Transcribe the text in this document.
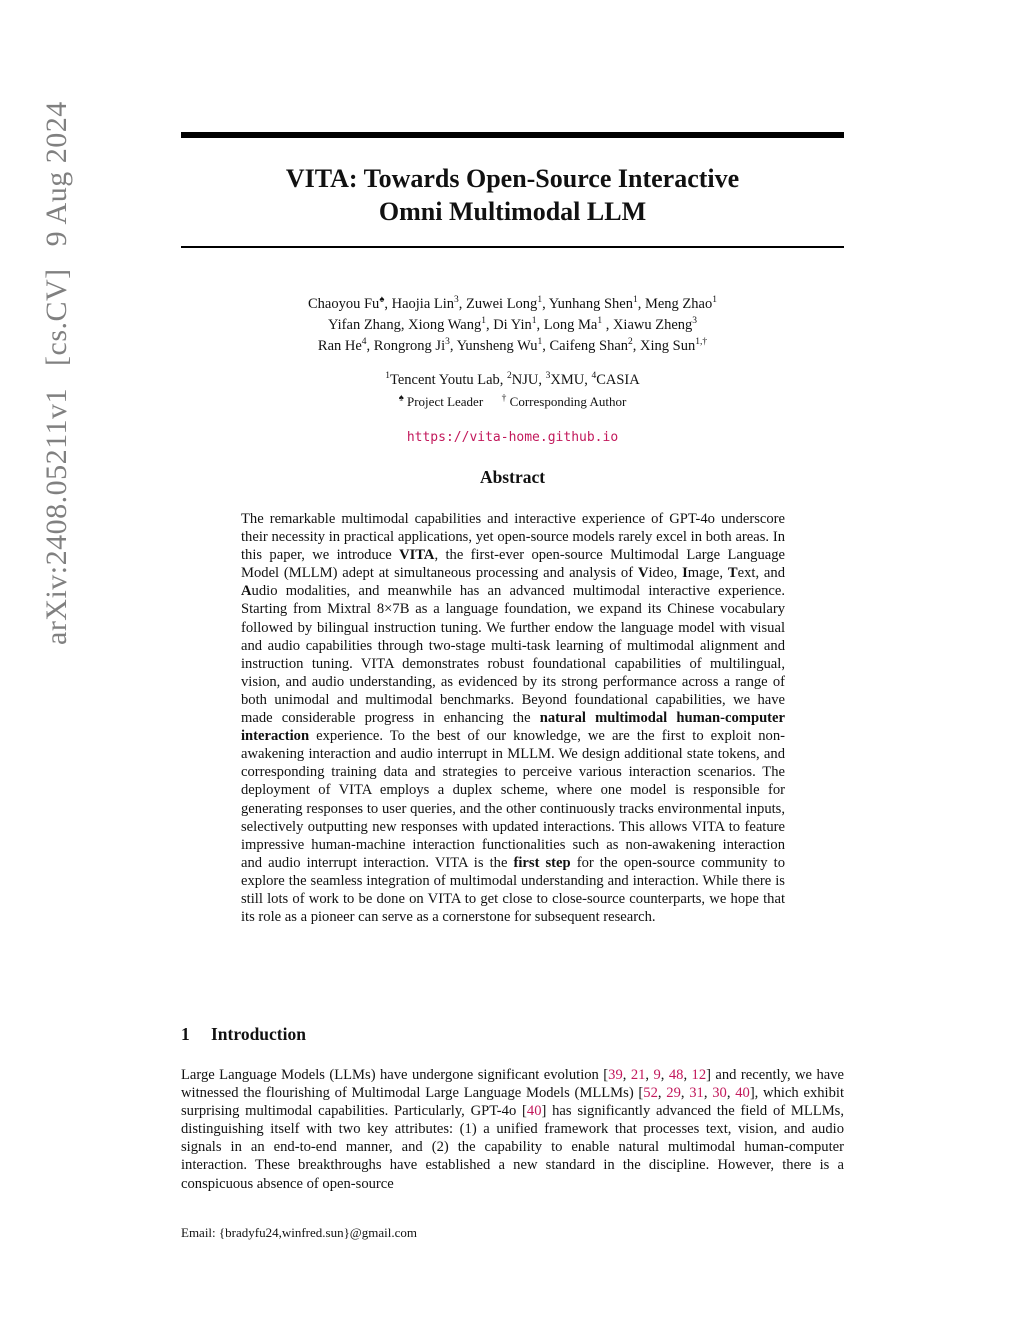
arXiv:2408.05211v1[cs.CV]9 Aug 2024	VITA: Towards Open-Source Interactive
Omni Multimodal LLM
Chaoyou Fu♠, Haojia Lin$^3$, Zuwei Long$^1$, Yunhang Shen$^1$, Meng Zhao$^1$
Yifan Zhang, Xiong Wang$^1$, Di Yin$^1$, Long Ma$^1$ , Xiawu Zheng$^3$
Ran He$^4$, Rongrong Ji$^3$, Yunsheng Wu$^1$, Caifeng Shan$^2$, Xing Sun$^{1,\dagger}$
$^1$Tencent Youtu Lab, $^2$NJU, $^3$XMU, $^4$CASIA
♠ Project Leader † Corresponding Author
https://vita-home.github.io
Abstract
The remarkable multimodal capabilities and interactive experience of GPT-4o underscore their necessity in practical applications, yet open-source models rarely excel in both areas. In this paper, we introduce VITA, the first-ever open-source Multimodal Large Language Model (MLLM) adept at simultaneous processing and analysis of Video, Image, Text, and Audio modalities, and meanwhile has an advanced multimodal interactive experience. Starting from Mixtral 8×7B as a language foundation, we expand its Chinese vocabulary followed by bilingual instruction tuning. We further endow the language model with visual and audio capabilities through two-stage multi-task learning of multimodal alignment and instruction tuning. VITA demonstrates robust foundational capabilities of multilingual, vision, and audio understanding, as evidenced by its strong performance across a range of both unimodal and multimodal benchmarks. Beyond foundational capabilities, we have made considerable progress in enhancing the natural multimodal human-computer interaction experience. To the best of our knowledge, we are the first to exploit non-awakening interaction and audio interrupt in MLLM. We design additional state tokens, and corresponding training data and strategies to perceive various interaction scenarios. The deployment of VITA employs a duplex scheme, where one model is responsible for generating responses to user queries, and the other continuously tracks environmental inputs, selectively outputting new responses with updated interactions. This allows VITA to feature impressive human-machine interaction functionalities such as non-awakening interaction and audio interrupt interaction. VITA is the first step for the open-source community to explore the seamless integration of multimodal understanding and interaction. While there is still lots of work to be done on VITA to get close to close-source counterparts, we hope that its role as a pioneer can serve as a cornerstone for subsequent research.
1 Introduction
Large Language Models (LLMs) have undergone significant evolution [39, 21, 9, 48, 12] and recently, we have witnessed the flourishing of Multimodal Large Language Models (MLLMs) [52, 29, 31, 30, 40], which exhibit surprising multimodal capabilities. Particularly, GPT-4o [40] has significantly advanced the field of MLLMs, distinguishing itself with two key attributes: (1) a unified framework that processes text, vision, and audio signals in an end-to-end manner, and (2) the capability to enable natural multimodal human-computer interaction. These breakthroughs have established a new standard in the discipline. However, there is a conspicuous absence of open-source
Email: {bradyfu24,winfred.sun}@gmail.com
